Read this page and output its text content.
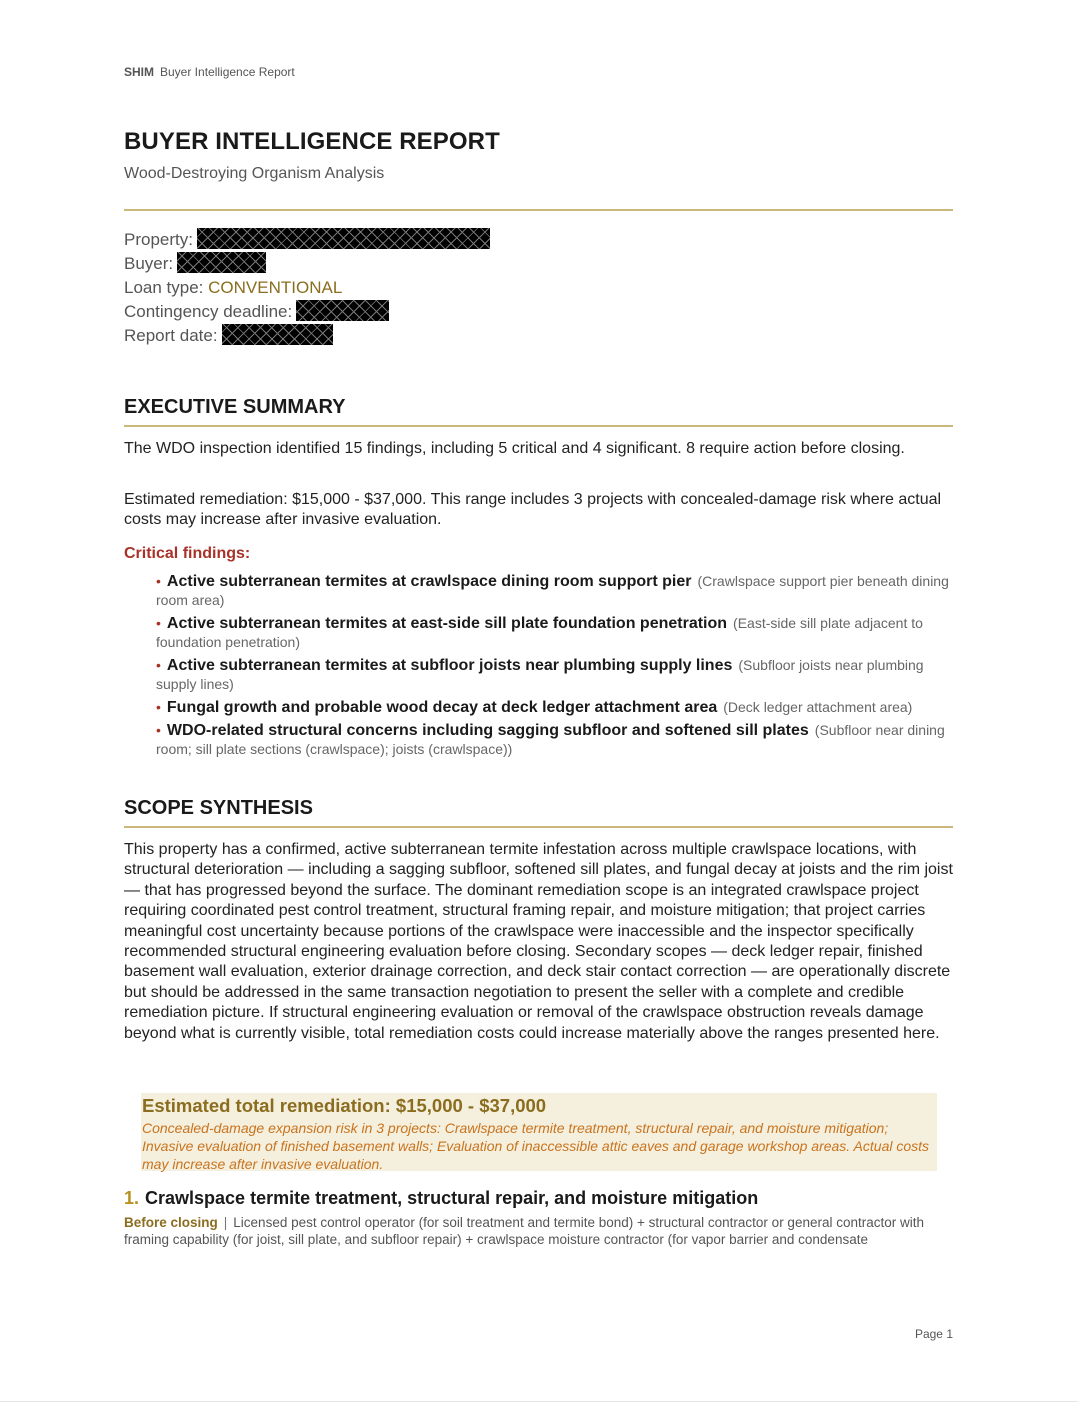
SHIM Buyer Intelligence Report
BUYER INTELLIGENCE REPORT
Wood-Destroying Organism Analysis
Property:
Buyer:
Loan type: CONVENTIONAL
Contingency deadline:
Report date:
EXECUTIVE SUMMARY

The WDO inspection identified 15 findings, including 5 critical and 4 significant. 8 require action before closing.

Estimated remediation: $15,000 - $37,000. This range includes 3 projects with concealed-damage risk where actual costs may increase after invasive evaluation.

Critical findings:
• Active subterranean termites at crawlspace dining room support pier (Crawlspace support pier beneath dining room area)
• Active subterranean termites at east-side sill plate foundation penetration (East-side sill plate adjacent to foundation penetration)
• Active subterranean termites at subfloor joists near plumbing supply lines (Subfloor joists near plumbing supply lines)
• Fungal growth and probable wood decay at deck ledger attachment area (Deck ledger attachment area)
• WDO-related structural concerns including sagging subfloor and softened sill plates (Subfloor near dining room; sill plate sections (crawlspace); joists (crawlspace))
SCOPE SYNTHESIS

This property has a confirmed, active subterranean termite infestation across multiple crawlspace locations, with structural deterioration — including a sagging subfloor, softened sill plates, and fungal decay at joists and the rim joist — that has progressed beyond the surface. The dominant remediation scope is an integrated crawlspace project requiring coordinated pest control treatment, structural framing repair, and moisture mitigation; that project carries meaningful cost uncertainty because portions of the crawlspace were inaccessible and the inspector specifically recommended structural engineering evaluation before closing. Secondary scopes — deck ledger repair, finished basement wall evaluation, exterior drainage correction, and deck stair contact correction — are operationally discrete but should be addressed in the same transaction negotiation to present the seller with a complete and credible remediation picture. If structural engineering evaluation or removal of the crawlspace obstruction reveals damage beyond what is currently visible, total remediation costs could increase materially above the ranges presented here.

Estimated total remediation: $15,000 - $37,000
Concealed-damage expansion risk in 3 projects: Crawlspace termite treatment, structural repair, and moisture mitigation; Invasive evaluation of finished basement walls; Evaluation of inaccessible attic eaves and garage workshop areas. Actual costs may increase after invasive evaluation.
1. Crawlspace termite treatment, structural repair, and moisture mitigation
Before closing | Licensed pest control operator (for soil treatment and termite bond) + structural contractor or general contractor with framing capability (for joist, sill plate, and subfloor repair) + crawlspace moisture contractor (for vapor barrier and condensate
Page 1
